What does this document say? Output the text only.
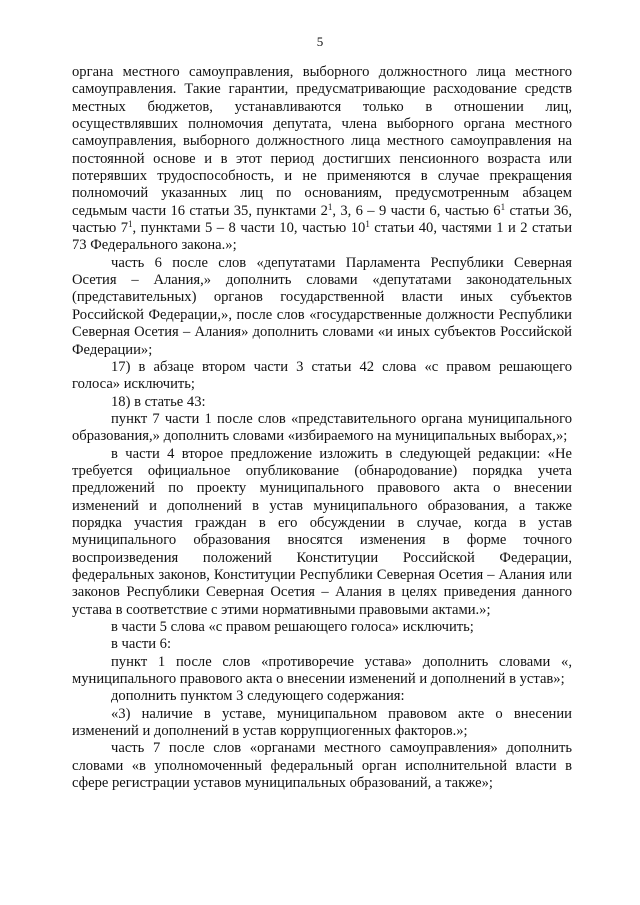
5

органа местного самоуправления, выборного должностного лица местного самоуправления. Такие гарантии, предусматривающие расходование средств местных бюджетов, устанавливаются только в отношении лиц, осуществлявших полномочия депутата, члена выборного органа местного самоуправления, выборного должностного лица местного самоуправления на постоянной основе и в этот период достигших пенсионного возраста или потерявших трудоспособность, и не применяются в случае прекращения полномочий указанных лиц по основаниям, предусмотренным абзацем седьмым части 16 статьи 35, пунктами $2^1$, 3, 6 – 9 части 6, частью $6^1$ статьи 36, частью $7^1$, пунктами 5 – 8 части 10, частью $10^1$ статьи 40, частями 1 и 2 статьи 73 Федерального закона.»;

часть 6 после слов «депутатами Парламента Республики Северная Осетия – Алания,» дополнить словами «депутатами законодательных (представительных) органов государственной власти иных субъектов Российской Федерации,», после слов «государственные должности Республики Северная Осетия – Алания» дополнить словами «и иных субъектов Российской Федерации»;

17) в абзаце втором части 3 статьи 42 слова «с правом решающего голоса» исключить;

18) в статье 43:

пункт 7 части 1 после слов «представительного органа муниципального образования,» дополнить словами «избираемого на муниципальных выборах,»;

в части 4 второе предложение изложить в следующей редакции: «Не требуется официальное опубликование (обнародование) порядка учета предложений по проекту муниципального правового акта о внесении изменений и дополнений в устав муниципального образования, а также порядка участия граждан в его обсуждении в случае, когда в устав муниципального образования вносятся изменения в форме точного воспроизведения положений Конституции Российской Федерации, федеральных законов, Конституции Республики Северная Осетия – Алания или законов Республики Северная Осетия – Алания в целях приведения данного устава в соответствие с этими нормативными правовыми актами.»;

в части 5 слова «с правом решающего голоса» исключить;

в части 6:

пункт 1 после слов «противоречие устава» дополнить словами «, муниципального правового акта о внесении изменений и дополнений в устав»;

дополнить пунктом 3 следующего содержания:

«3) наличие в уставе, муниципальном правовом акте о внесении изменений и дополнений в устав коррупциогенных факторов.»;

часть 7 после слов «органами местного самоуправления» дополнить словами «в уполномоченный федеральный орган исполнительной власти в сфере регистрации уставов муниципальных образований, а также»;
